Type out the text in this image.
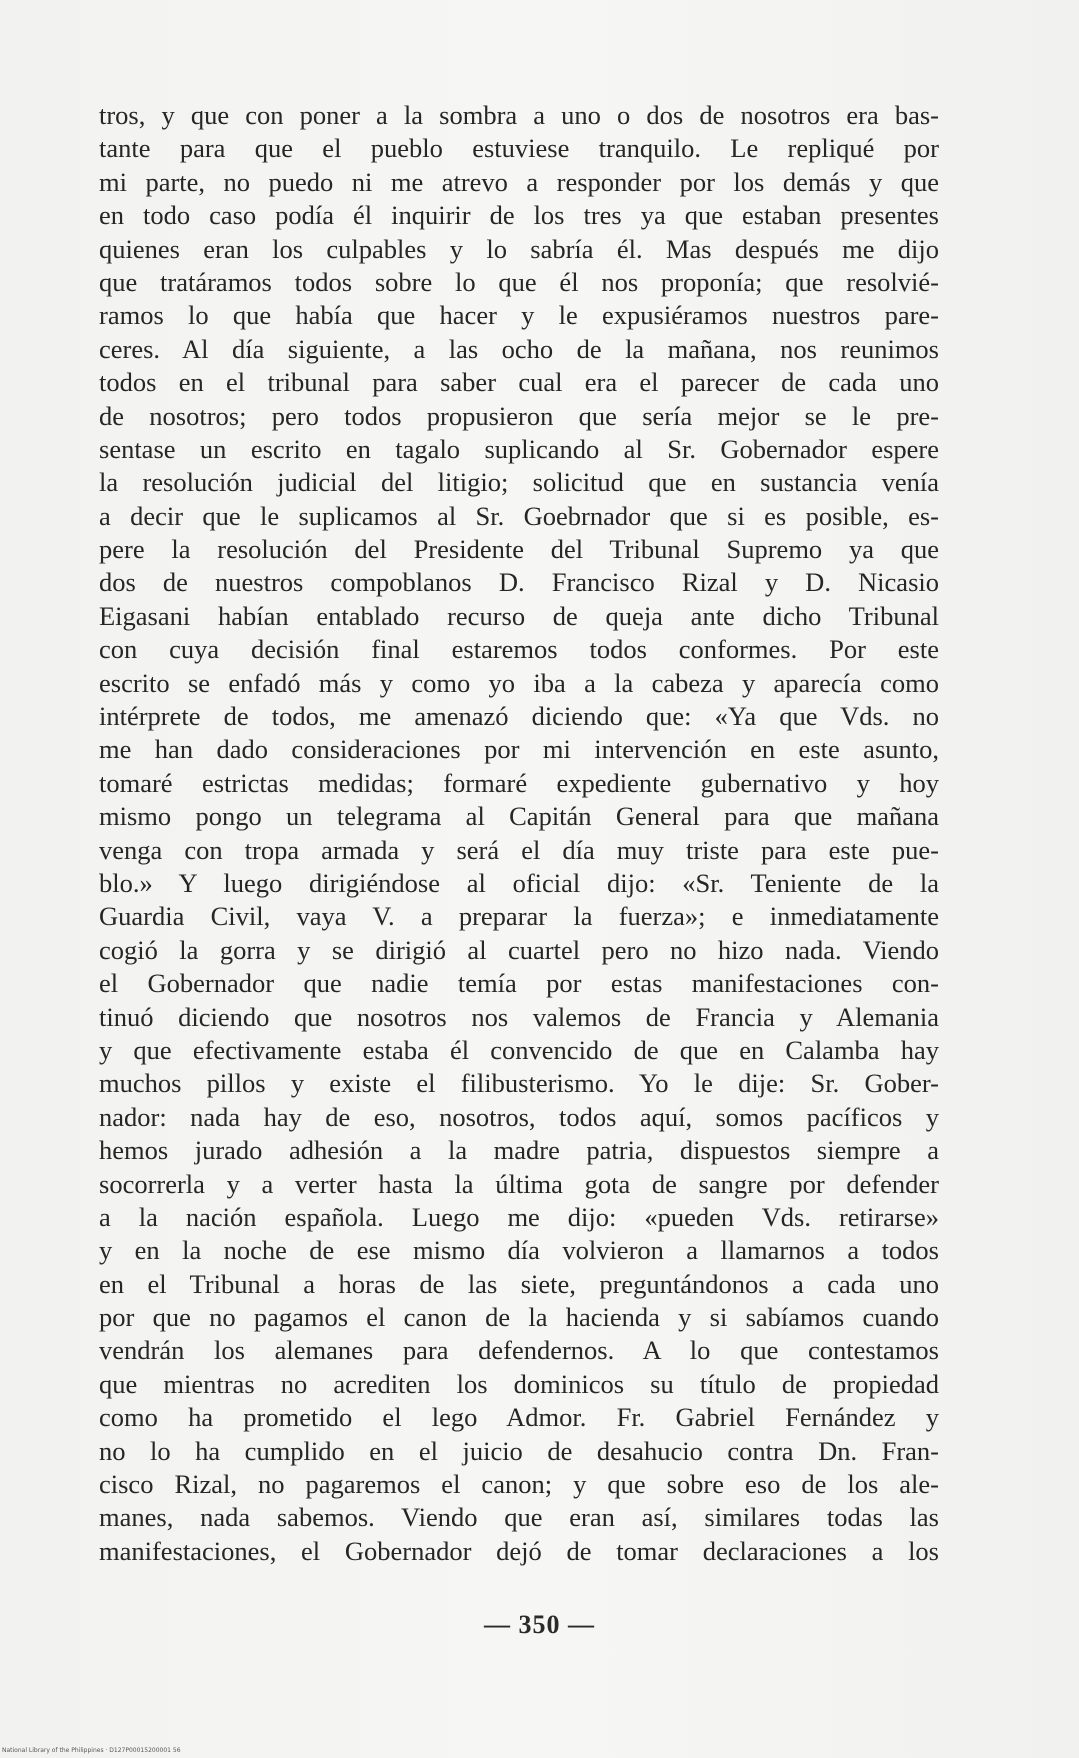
tros, y que con poner a la sombra a uno o dos de nosotros era bas-
tante para que el pueblo estuviese tranquilo. Le repliqué por
mi parte, no puedo ni me atrevo a responder por los demás y que
en todo caso podía él inquirir de los tres ya que estaban presentes
quienes eran los culpables y lo sabría él. Mas después me dijo
que tratáramos todos sobre lo que él nos proponía; que resolvié-
ramos lo que había que hacer y le expusiéramos nuestros pare-
ceres. Al día siguiente, a las ocho de la mañana, nos reunimos
todos en el tribunal para saber cual era el parecer de cada uno
de nosotros; pero todos propusieron que sería mejor se le pre-
sentase un escrito en tagalo suplicando al Sr. Gobernador espere
la resolución judicial del litigio; solicitud que en sustancia venía
a decir que le suplicamos al Sr. Goebrnador que si es posible, es-
pere la resolución del Presidente del Tribunal Supremo ya que
dos de nuestros compoblanos D. Francisco Rizal y D. Nicasio
Eigasani habían entablado recurso de queja ante dicho Tribunal
con cuya decisión final estaremos todos conformes. Por este
escrito se enfadó más y como yo iba a la cabeza y aparecía como
intérprete de todos, me amenazó diciendo que: «Ya que Vds. no
me han dado consideraciones por mi intervención en este asunto,
tomaré estrictas medidas; formaré expediente gubernativo y hoy
mismo pongo un telegrama al Capitán General para que mañana
venga con tropa armada y será el día muy triste para este pue-
blo.» Y luego dirigiéndose al oficial dijo: «Sr. Teniente de la
Guardia Civil, vaya V. a preparar la fuerza»; e inmediatamente
cogió la gorra y se dirigió al cuartel pero no hizo nada. Viendo
el Gobernador que nadie temía por estas manifestaciones con-
tinuó diciendo que nosotros nos valemos de Francia y Alemania
y que efectivamente estaba él convencido de que en Calamba hay
muchos pillos y existe el filibusterismo. Yo le dije: Sr. Gober-
nador: nada hay de eso, nosotros, todos aquí, somos pacíficos y
hemos jurado adhesión a la madre patria, dispuestos siempre a
socorrerla y a verter hasta la última gota de sangre por defender
a la nación española. Luego me dijo: «pueden Vds. retirarse»
y en la noche de ese mismo día volvieron a llamarnos a todos
en el Tribunal a horas de las siete, preguntándonos a cada uno
por que no pagamos el canon de la hacienda y si sabíamos cuando
vendrán los alemanes para defendernos. A lo que contestamos
que mientras no acrediten los dominicos su título de propiedad
como ha prometido el lego Admor. Fr. Gabriel Fernández y
no lo ha cumplido en el juicio de desahucio contra Dn. Fran-
cisco Rizal, no pagaremos el canon; y que sobre eso de los ale-
manes, nada sabemos. Viendo que eran así, similares todas las
manifestaciones, el Gobernador dejó de tomar declaraciones a los
— 350 —
National Library of the Philippines · D127P00015200001 56
